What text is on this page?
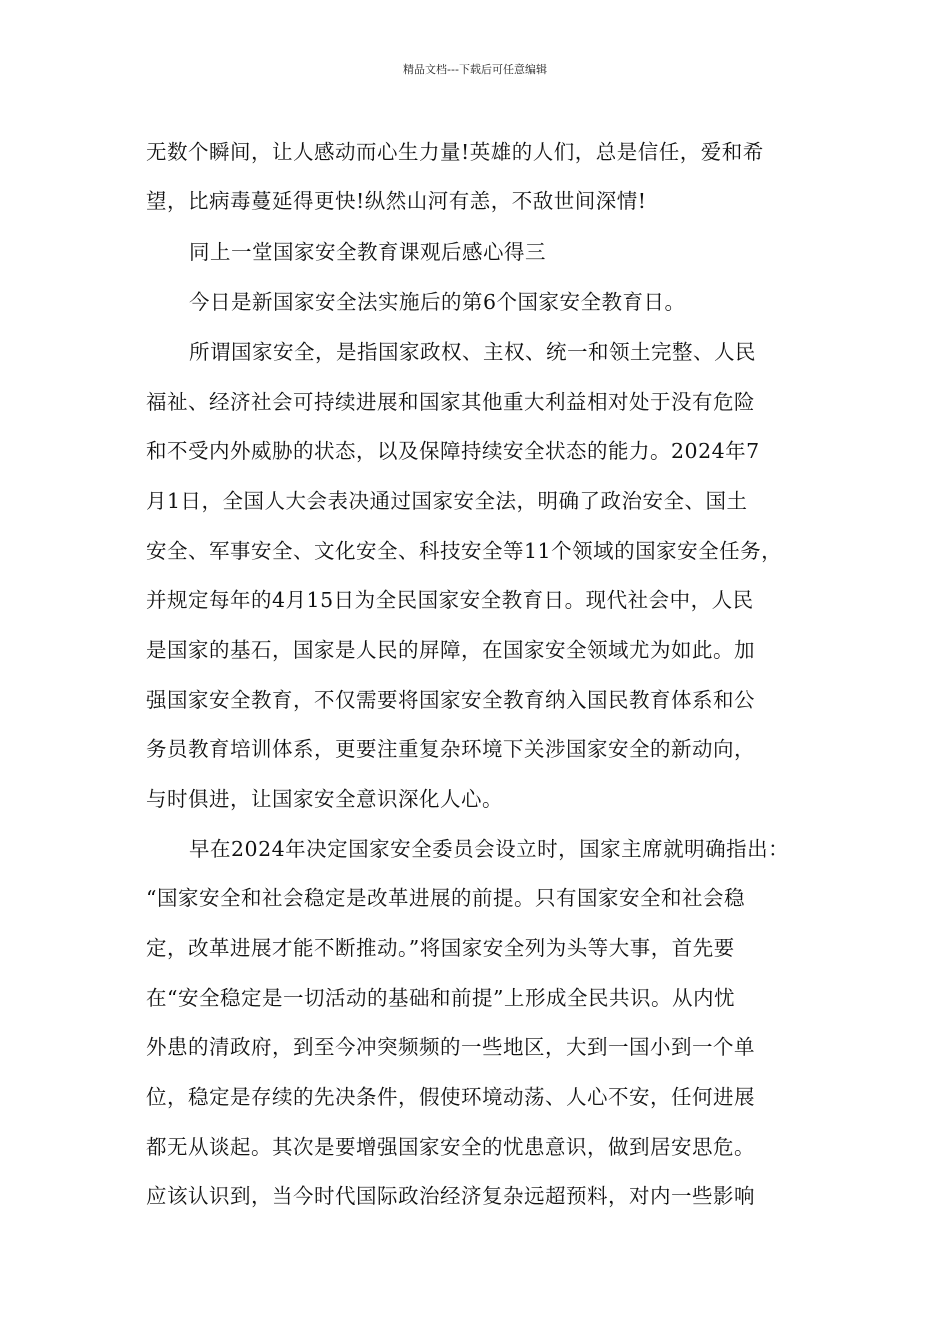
精品文档---下载后可任意编辑
无数个瞬间，让人感动而心生力量!英雄的人们，总是信任，爱和希
望，比病毒蔓延得更快!纵然山河有恙，不敌世间深情!
同上一堂国家安全教育课观后感心得三
今日是新国家安全法实施后的第6个国家安全教育日。
所谓国家安全，是指国家政权、主权、统一和领土完整、人民
福祉、经济社会可持续进展和国家其他重大利益相对处于没有危险
和不受内外威胁的状态，以及保障持续安全状态的能力。2024年7
月1日，全国人大会表决通过国家安全法，明确了政治安全、国土
安全、军事安全、文化安全、科技安全等11个领域的国家安全任务，
并规定每年的4月15日为全民国家安全教育日。现代社会中，人民
是国家的基石，国家是人民的屏障，在国家安全领域尤为如此。加
强国家安全教育，不仅需要将国家安全教育纳入国民教育体系和公
务员教育培训体系，更要注重复杂环境下关涉国家安全的新动向，
与时俱进，让国家安全意识深化人心。
早在2024年决定国家安全委员会设立时，国家主席就明确指出：
“国家安全和社会稳定是改革进展的前提。只有国家安全和社会稳
定，改革进展才能不断推动。”将国家安全列为头等大事，首先要
在“安全稳定是一切活动的基础和前提”上形成全民共识。从内忧
外患的清政府，到至今冲突频频的一些地区，大到一国小到一个单
位，稳定是存续的先决条件，假使环境动荡、人心不安，任何进展
都无从谈起。其次是要增强国家安全的忧患意识，做到居安思危。
应该认识到，当今时代国际政治经济复杂远超预料，对内一些影响
